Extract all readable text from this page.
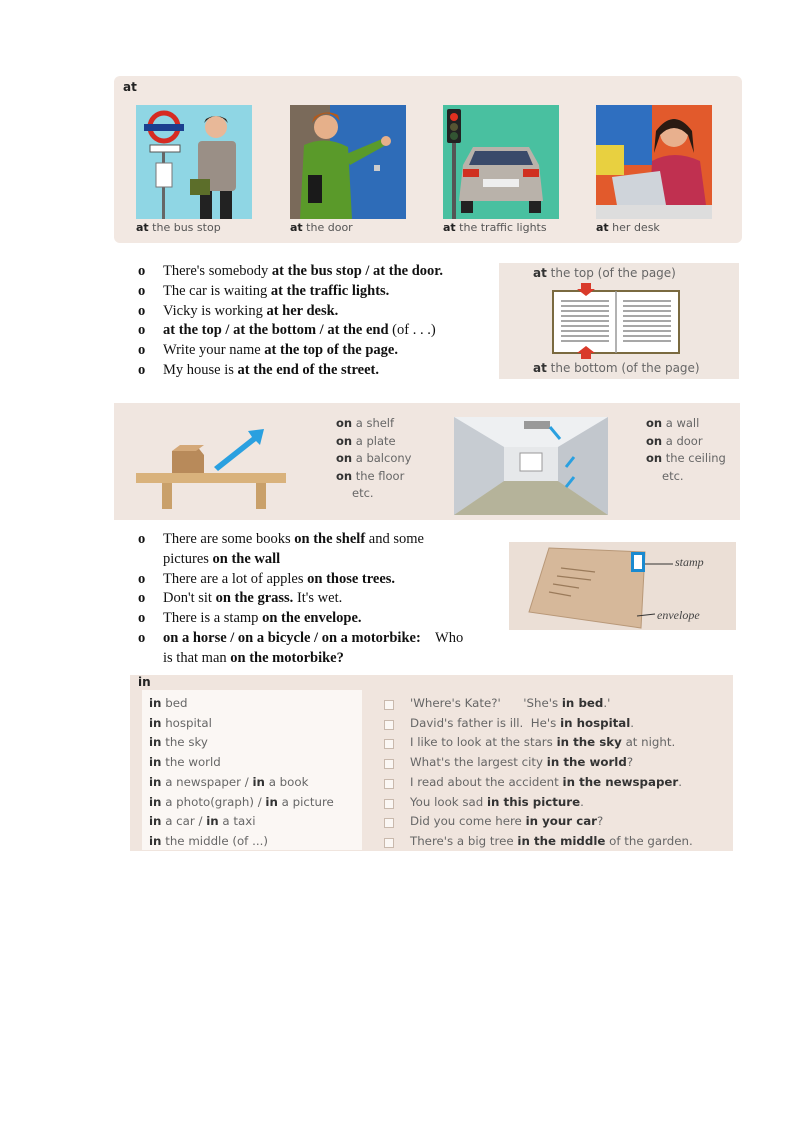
at
at the bus stop	at the door	at the traffic lights	at her desk
o There's somebody at the bus stop / at the door.
o The car is waiting at the traffic lights.
o Vicky is working at her desk.
o at the top / at the bottom / at the end (of . . .)
o Write your name at the top of the page.
o My house is at the end of the street.
at the top (of the page)
at the bottom (of the page)
on a shelf
on a plate
on a balcony
on the floor
etc.
on a wall
on a door
on the ceiling
etc.
o There are some books on the shelf and some
pictures on the wall
o There are a lot of apples on those trees.
o Don't sit on the grass. It's wet.
o There is a stamp on the envelope.
o on a horse / on a bicycle / on a motorbike:    Who
is that man on the motorbike?
stamp
envelope
in
in bed
in hospital
in the sky
in the world
in a newspaper / in a book
in a photo(graph) / in a picture
in a car / in a taxi
in the middle (of ...)
'Where's Kate?'      'She's in bed.'
David's father is ill.  He's in hospital.
I like to look at the stars in the sky at night.
What's the largest city in the world?
I read about the accident in the newspaper.
You look sad in this picture.
Did you come here in your car?
There's a big tree in the middle of the garden.
